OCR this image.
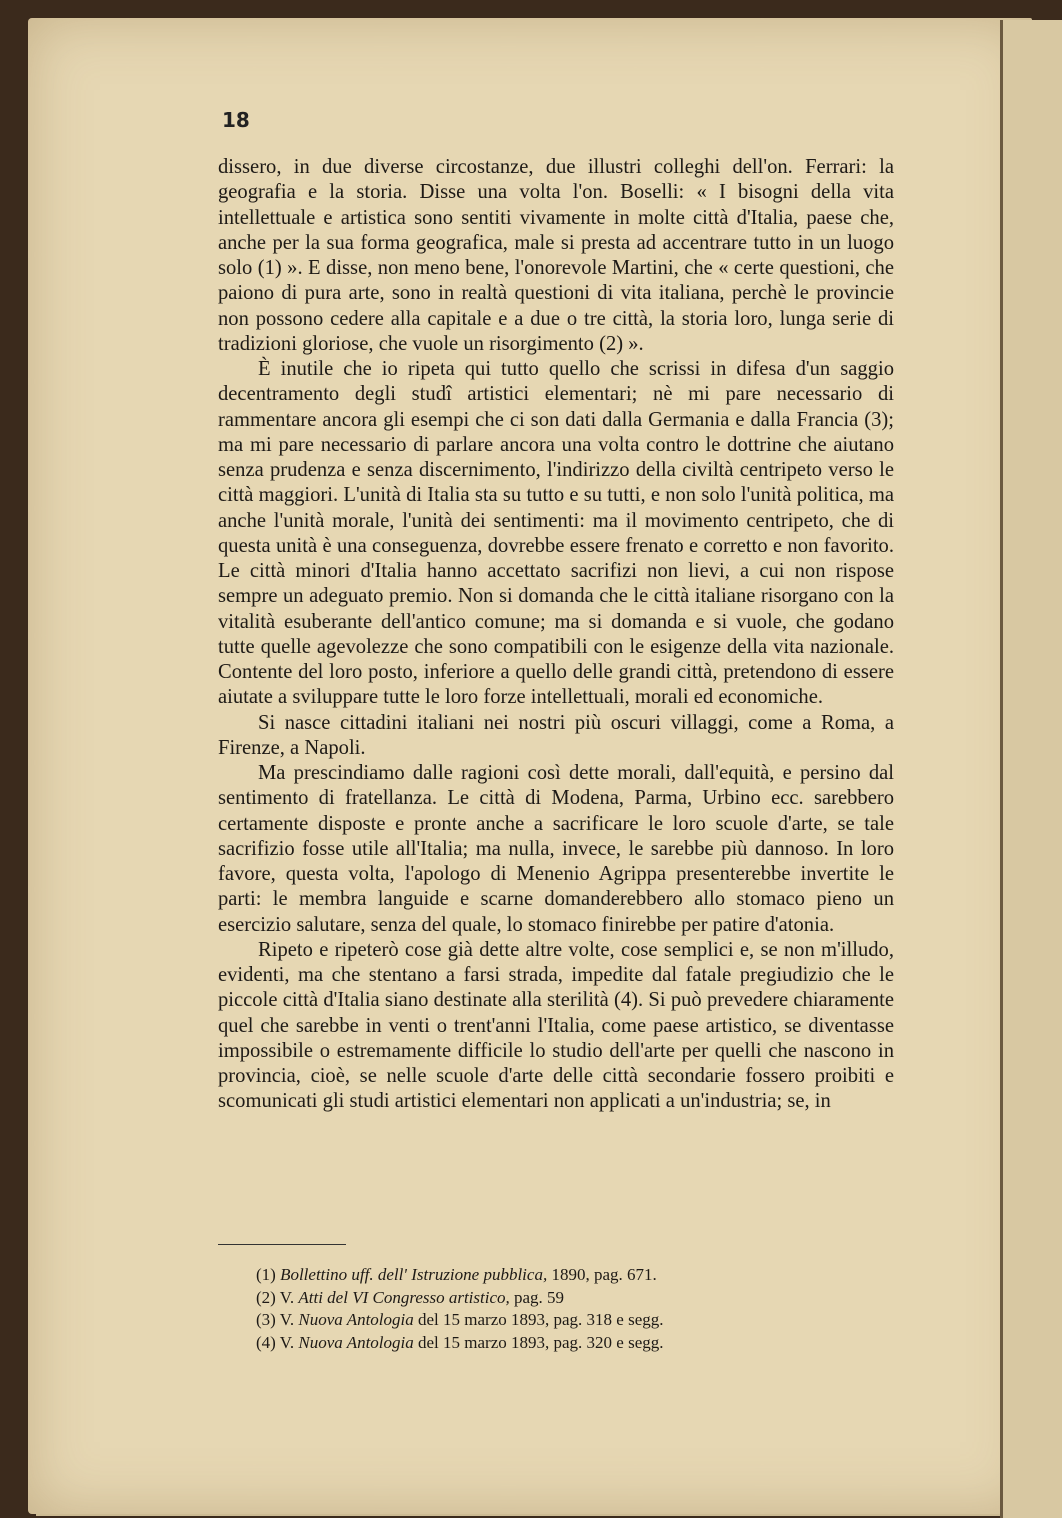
18

dissero, in due diverse circostanze, due illustri colleghi dell'on. Ferrari: la geografia e la storia. Disse una volta l'on. Boselli: « I bisogni della vita intellettuale e artistica sono sentiti vivamente in molte città d'Italia, paese che, anche per la sua forma geografica, male si presta ad accentrare tutto in un luogo solo (1) ». E disse, non meno bene, l'onorevole Martini, che « certe questioni, che paiono di pura arte, sono in realtà questioni di vita italiana, perchè le provincie non possono cedere alla capitale e a due o tre città, la storia loro, lunga serie di tradizioni gloriose, che vuole un risorgimento (2) ».

È inutile che io ripeta qui tutto quello che scrissi in difesa d'un saggio decentramento degli studî artistici elementari; nè mi pare necessario di rammentare ancora gli esempi che ci son dati dalla Germania e dalla Francia (3); ma mi pare necessario di parlare ancora una volta contro le dottrine che aiutano senza prudenza e senza discernimento, l'indirizzo della civiltà centripeto verso le città maggiori. L'unità di Italia sta su tutto e su tutti, e non solo l'unità politica, ma anche l'unità morale, l'unità dei sentimenti: ma il movimento centripeto, che di questa unità è una conseguenza, dovrebbe essere frenato e corretto e non favorito. Le città minori d'Italia hanno accettato sacrifizi non lievi, a cui non rispose sempre un adeguato premio. Non si domanda che le città italiane risorgano con la vitalità esuberante dell'antico comune; ma si domanda e si vuole, che godano tutte quelle agevolezze che sono compatibili con le esigenze della vita nazionale. Contente del loro posto, inferiore a quello delle grandi città, pretendono di essere aiutate a sviluppare tutte le loro forze intellettuali, morali ed economiche.

Si nasce cittadini italiani nei nostri più oscuri villaggi, come a Roma, a Firenze, a Napoli.

Ma prescindiamo dalle ragioni così dette morali, dall'equità, e persino dal sentimento di fratellanza. Le città di Modena, Parma, Urbino ecc. sarebbero certamente disposte e pronte anche a sacrificare le loro scuole d'arte, se tale sacrifizio fosse utile all'Italia; ma nulla, invece, le sarebbe più dannoso. In loro favore, questa volta, l'apologo di Menenio Agrippa presenterebbe invertite le parti: le membra languide e scarne domanderebbero allo stomaco pieno un esercizio salutare, senza del quale, lo stomaco finirebbe per patire d'atonia.

Ripeto e ripeterò cose già dette altre volte, cose semplici e, se non m'illudo, evidenti, ma che stentano a farsi strada, impedite dal fatale pregiudizio che le piccole città d'Italia siano destinate alla sterilità (4). Si può prevedere chiaramente quel che sarebbe in venti o trent'anni l'Italia, come paese artistico, se diventasse impossibile o estremamente difficile lo studio dell'arte per quelli che nascono in provincia, cioè, se nelle scuole d'arte delle città secondarie fossero proibiti e scomunicati gli studi artistici elementari non applicati a un'industria; se, in

(1) Bollettino uff. dell' Istruzione pubblica, 1890, pag. 671.
(2) V. Atti del VI Congresso artistico, pag. 59
(3) V. Nuova Antologia del 15 marzo 1893, pag. 318 e segg.
(4) V. Nuova Antologia del 15 marzo 1893, pag. 320 e segg.
